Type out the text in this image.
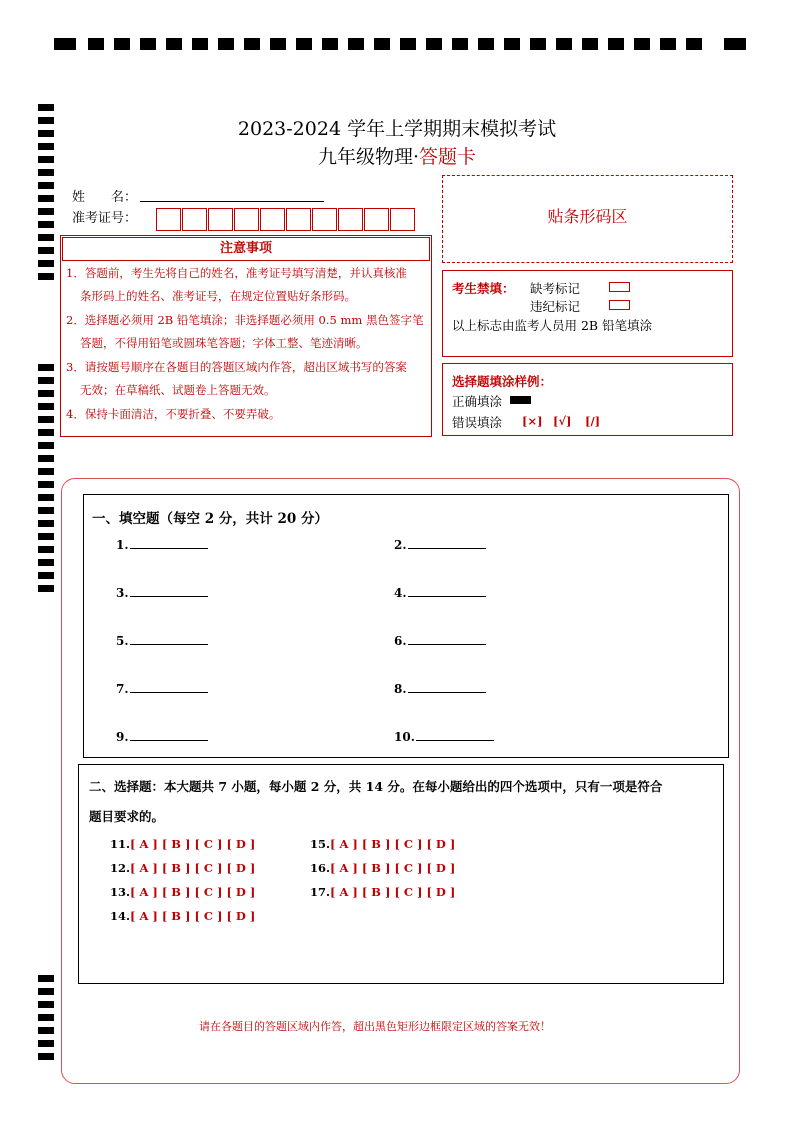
2023-2024 学年上学期期末模拟考试
九年级物理·答题卡
姓　　名：
准考证号：
注意事项
1．答题前，考生先将自己的姓名，准考证号填写清楚，并认真核准
条形码上的姓名、准考证号，在规定位置贴好条形码。
2．选择题必须用 2B 铅笔填涂；非选择题必须用 0.5 mm 黑色签字笔
答题，不得用铅笔或圆珠笔答题；字体工整、笔迹清晰。
3．请按题号顺序在各题目的答题区域内作答，超出区域书写的答案
无效；在草稿纸、试题卷上答题无效。
4．保持卡面清洁，不要折叠、不要弄破。
贴条形码区
考生禁填： 缺考标记
违纪标记
以上标志由监考人员用 2B 铅笔填涂
选择题填涂样例：
正确填涂
错误填涂 [×] [√] [/]
一、填空题（每空 2 分，共计 20 分）
1.	2.
3.	4.
5.	6.
7.	8.
9.	10.
二、选择题：本大题共 7 小题，每小题 2 分，共 14 分。在每小题给出的四个选项中，只有一项是符合
题目要求的。
11.[ A ] [ B ] [ C ] [ D ]
12.[ A ] [ B ] [ C ] [ D ]
13.[ A ] [ B ] [ C ] [ D ]
14.[ A ] [ B ] [ C ] [ D ]
15.[ A ] [ B ] [ C ] [ D ]
16.[ A ] [ B ] [ C ] [ D ]
17.[ A ] [ B ] [ C ] [ D ]
请在各题目的答题区域内作答，超出黑色矩形边框限定区域的答案无效！
